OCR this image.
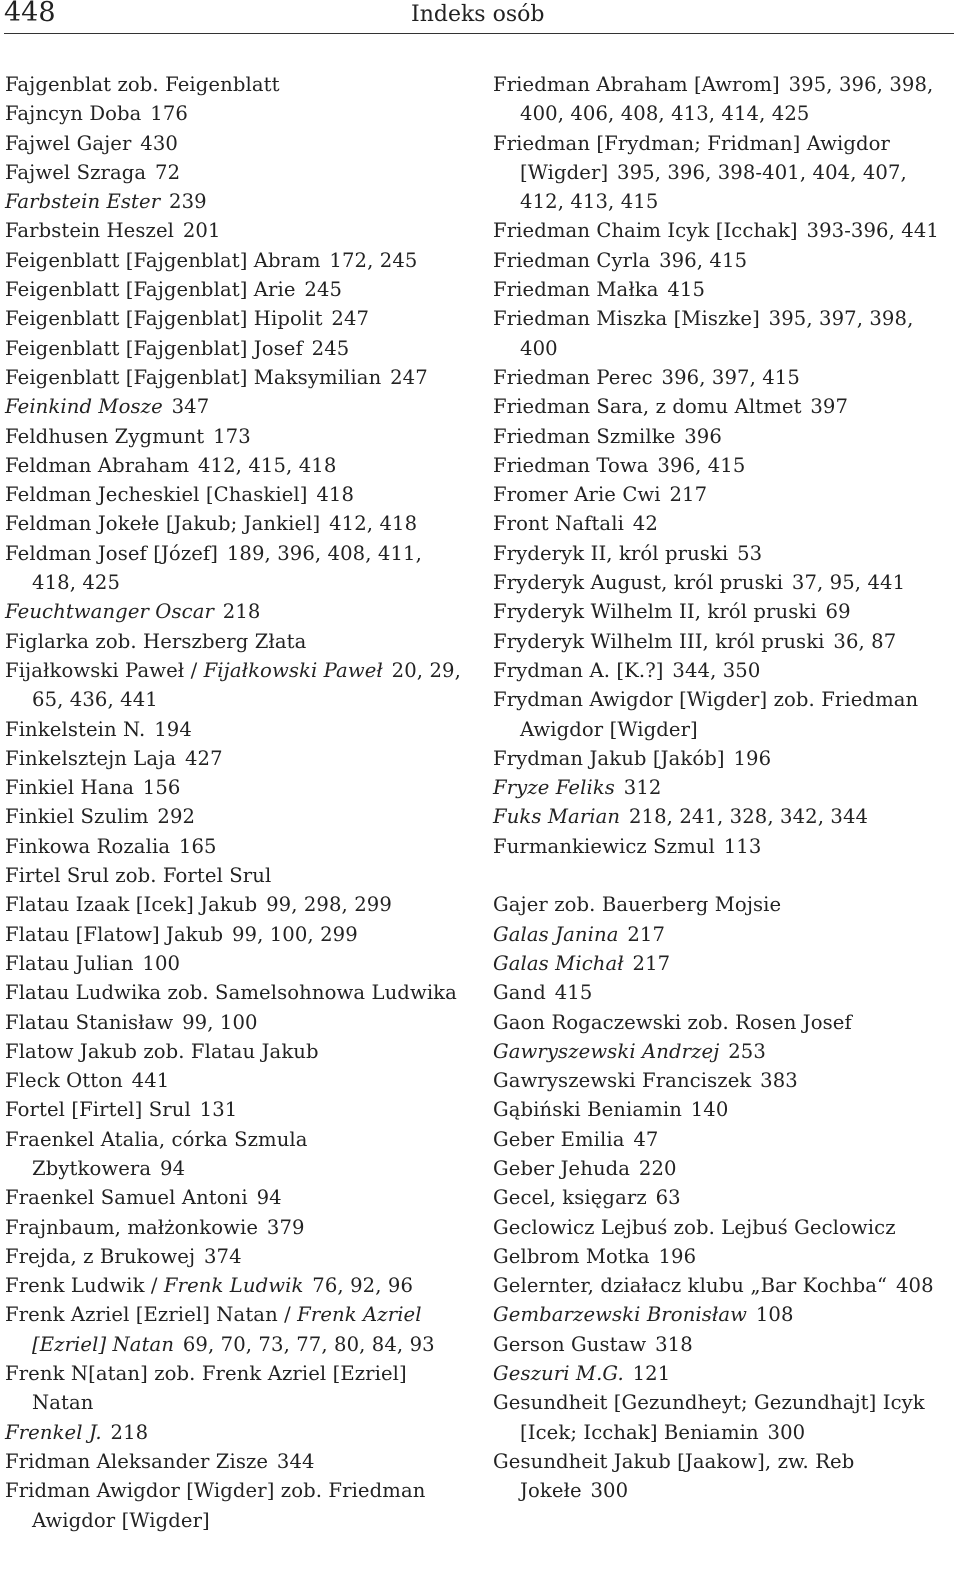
448	Indeks osób
Fajgenblat zob. Feigenblatt
Fajncyn Doba 176
Fajwel Gajer 430
Fajwel Szraga 72
Farbstein Ester 239
Farbstein Heszel 201
Feigenblatt [Fajgenblat] Abram 172, 245
Feigenblatt [Fajgenblat] Arie 245
Feigenblatt [Fajgenblat] Hipolit 247
Feigenblatt [Fajgenblat] Josef 245
Feigenblatt [Fajgenblat] Maksymilian 247
Feinkind Mosze 347
Feldhusen Zygmunt 173
Feldman Abraham 412, 415, 418
Feldman Jecheskiel [Chaskiel] 418
Feldman Jokełe [Jakub; Jankiel] 412, 418
Feldman Josef [Józef] 189, 396, 408, 411, 418, 425
Feuchtwanger Oscar 218
Figlarka zob. Herszberg Złata
Fijałkowski Paweł / Fijałkowski Paweł 20, 29, 65, 436, 441
Finkelstein N. 194
Finkelsztejn Laja 427
Finkiel Hana 156
Finkiel Szulim 292
Finkowa Rozalia 165
Firtel Srul zob. Fortel Srul
Flatau Izaak [Icek] Jakub 99, 298, 299
Flatau [Flatow] Jakub 99, 100, 299
Flatau Julian 100
Flatau Ludwika zob. Samelsohnowa Ludwika
Flatau Stanisław 99, 100
Flatow Jakub zob. Flatau Jakub
Fleck Otton 441
Fortel [Firtel] Srul 131
Fraenkel Atalia, córka Szmula Zbytkowera 94
Fraenkel Samuel Antoni 94
Frajnbaum, małżonkowie 379
Frejda, z Brukowej 374
Frenk Ludwik / Frenk Ludwik 76, 92, 96
Frenk Azriel [Ezriel] Natan / Frenk Azriel [Ezriel] Natan 69, 70, 73, 77, 80, 84, 93
Frenk N[atan] zob. Frenk Azriel [Ezriel] Natan
Frenkel J. 218
Fridman Aleksander Zisze 344
Fridman Awigdor [Wigder] zob. Friedman Awigdor [Wigder]
Friedman Abraham [Awrom] 395, 396, 398, 400, 406, 408, 413, 414, 425
Friedman [Frydman; Fridman] Awigdor [Wigder] 395, 396, 398-401, 404, 407, 412, 413, 415
Friedman Chaim Icyk [Icchak] 393-396, 441
Friedman Cyrla 396, 415
Friedman Małka 415
Friedman Miszka [Miszke] 395, 397, 398, 400
Friedman Perec 396, 397, 415
Friedman Sara, z domu Altmet 397
Friedman Szmilke 396
Friedman Towa 396, 415
Fromer Arie Cwi 217
Front Naftali 42
Fryderyk II, król pruski 53
Fryderyk August, król pruski 37, 95, 441
Fryderyk Wilhelm II, król pruski 69
Fryderyk Wilhelm III, król pruski 36, 87
Frydman A. [K.?] 344, 350
Frydman Awigdor [Wigder] zob. Friedman Awigdor [Wigder]
Frydman Jakub [Jakób] 196
Fryze Feliks 312
Fuks Marian 218, 241, 328, 342, 344
Furmankiewicz Szmul 113
Gajer zob. Bauerberg Mojsie
Galas Janina 217
Galas Michał 217
Gand 415
Gaon Rogaczewski zob. Rosen Josef
Gawryszewski Andrzej 253
Gawryszewski Franciszek 383
Gąbiński Beniamin 140
Geber Emilia 47
Geber Jehuda 220
Gecel, księgarz 63
Geclowicz Lejbuś zob. Lejbuś Geclowicz
Gelbrom Motka 196
Gelernter, działacz klubu „Bar Kochba“ 408
Gembarzewski Bronisław 108
Gerson Gustaw 318
Geszuri M.G. 121
Gesundheit [Gezundheyt; Gezundhajt] Icyk [Icek; Icchak] Beniamin 300
Gesundheit Jakub [Jaakow], zw. Reb Jokełe 300
